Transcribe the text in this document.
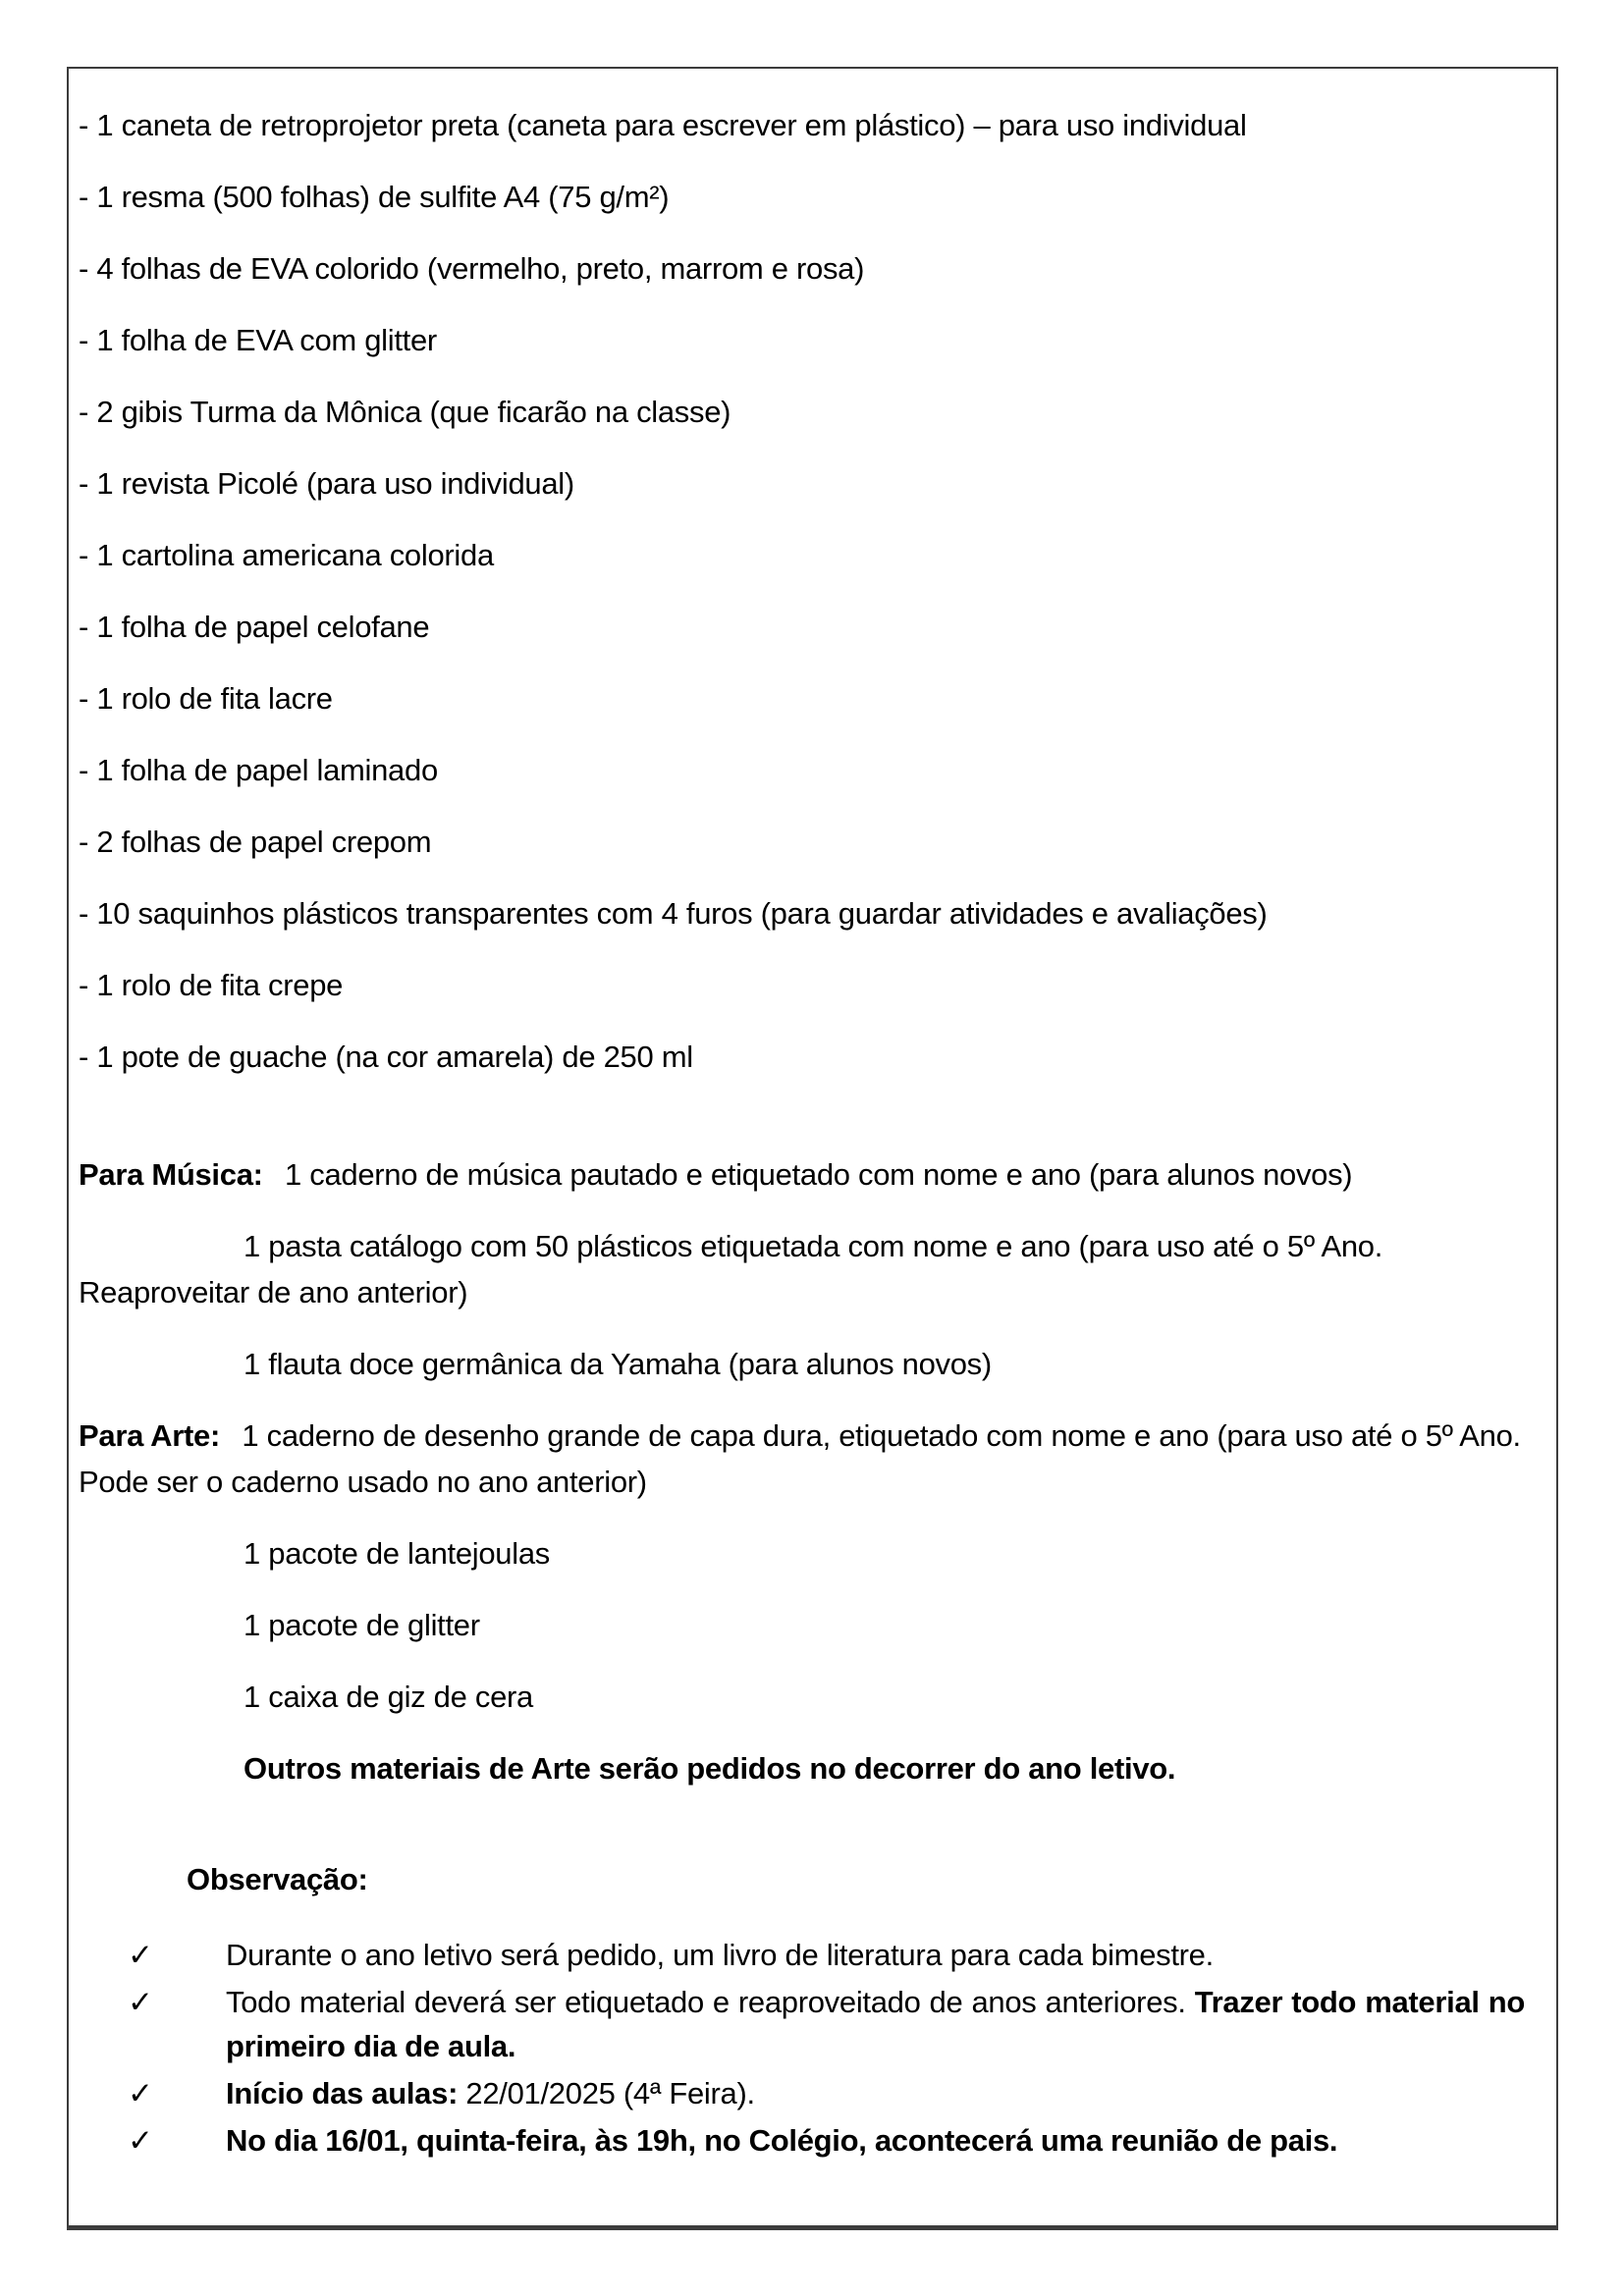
- 1 caneta de retroprojetor preta (caneta para escrever em plástico) – para uso individual

- 1 resma (500 folhas) de sulfite A4 (75 g/m²)

- 4 folhas de EVA colorido (vermelho, preto, marrom e rosa)

- 1 folha de EVA com glitter

- 2 gibis Turma da Mônica (que ficarão na classe)

- 1 revista Picolé (para uso individual)

- 1 cartolina americana colorida

- 1 folha de papel celofane

- 1 rolo de fita lacre

- 1 folha de papel laminado

- 2 folhas de papel crepom

- 10 saquinhos plásticos transparentes com 4 furos (para guardar atividades e avaliações)

- 1 rolo de fita crepe

- 1 pote de guache (na cor amarela) de 250 ml

Para Música: 1 caderno de música pautado e etiquetado com nome e ano (para alunos novos)

1 pasta catálogo com 50 plásticos etiquetada com nome e ano (para uso até o 5º Ano. Reaproveitar de ano anterior)

1 flauta doce germânica da Yamaha (para alunos novos)

Para Arte: 1 caderno de desenho grande de capa dura, etiquetado com nome e ano (para uso até o 5º Ano. Pode ser o caderno usado no ano anterior)

1 pacote de lantejoulas

1 pacote de glitter

1 caixa de giz de cera

Outros materiais de Arte serão pedidos no decorrer do ano letivo.

Observação:

✓ Durante o ano letivo será pedido, um livro de literatura para cada bimestre.
✓ Todo material deverá ser etiquetado e reaproveitado de anos anteriores. Trazer todo material no primeiro dia de aula.
✓ Início das aulas: 22/01/2025 (4ª Feira).
✓ No dia 16/01, quinta-feira, às 19h, no Colégio, acontecerá uma reunião de pais.
